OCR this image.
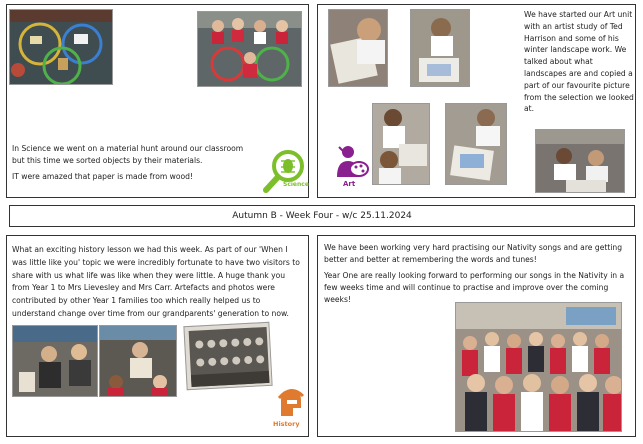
In Science we went on a material hunt around our classroom
but this time we sorted objects by their materials.
IT were amazed that paper is made from wood!
Science
We have started our Art unit with an artist study of Ted Harrison and some of his winter landscape work. We talked about what landscapes are and copied a part of our favourite picture from the selection we looked at.
Art
Autumn B - Week Four - w/c 25.11.2024
What an exciting history lesson we had this week. As part of our 'When I was little like you' topic we were incredibly fortunate to have two visitors to share with us what life was like when they were little. A huge thank you from Year 1 to Mrs Lievesley and Mrs Carr. Artefacts and photos were contributed by other Year 1 families too which really helped us to understand change over time from our grandparents' generation to now.
History
We have been working very hard practising our Nativity songs and are getting better and better at remembering the words and tunes!
Year One are really looking forward to performing our songs in the Nativity in a few weeks time and will continue to practise and improve over the coming weeks!
